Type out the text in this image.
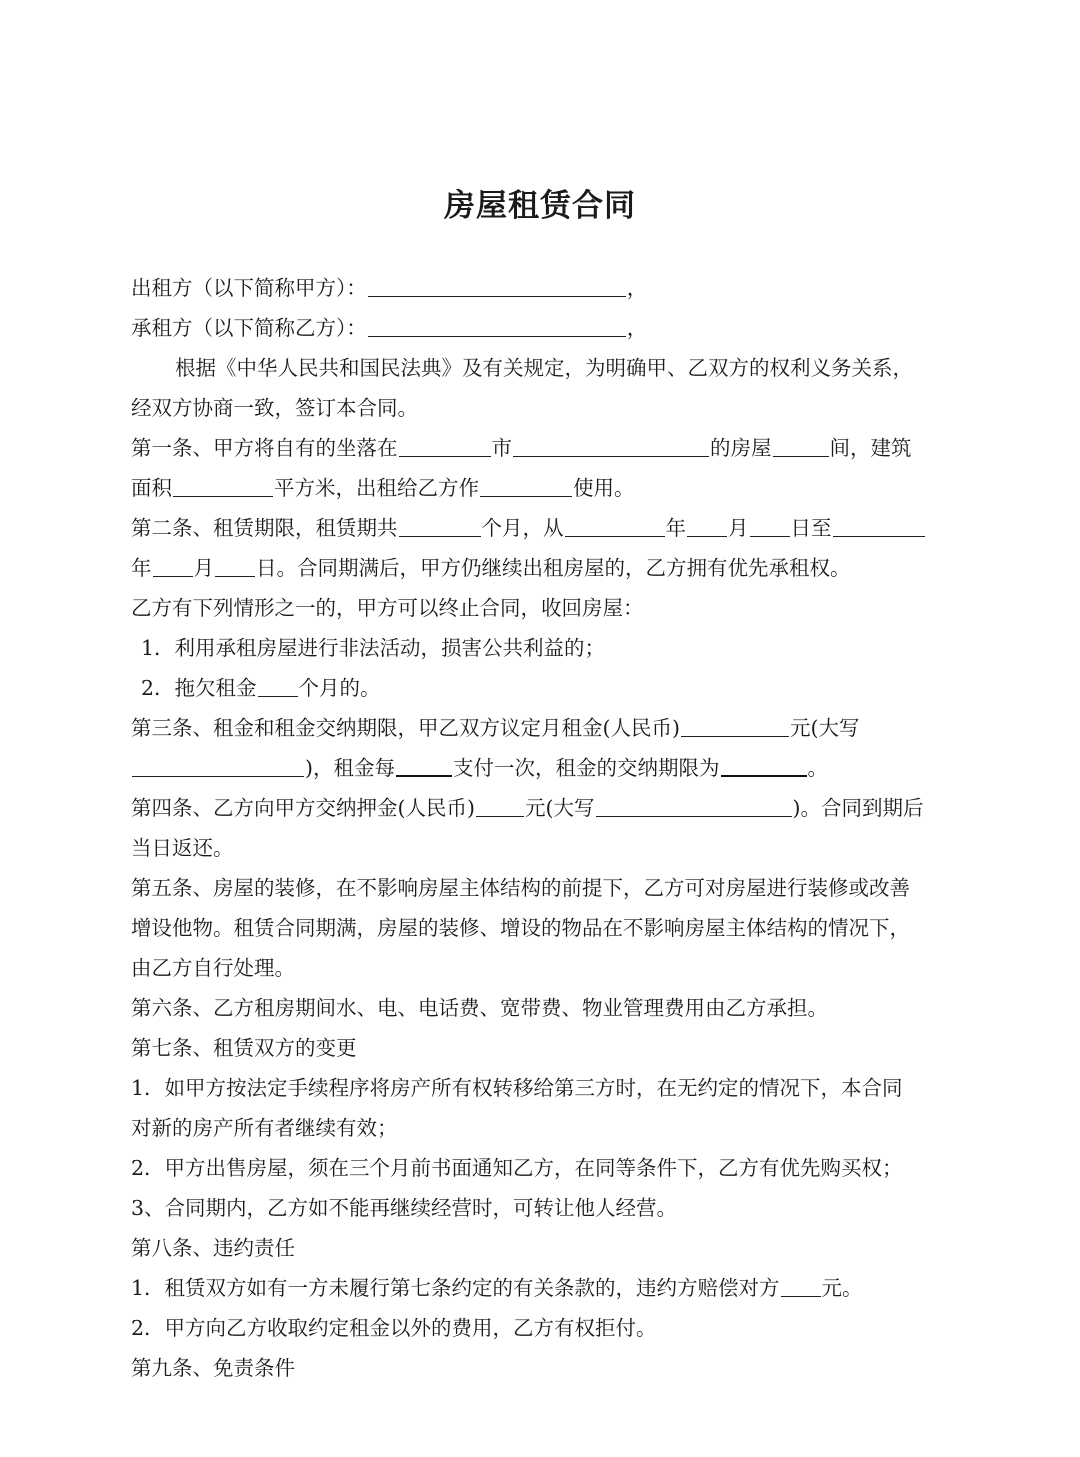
房屋租赁合同
出租方（以下简称甲方）：	，
承租方（以下简称乙方）：	，
根据《中华人民共和国民法典》及有关规定，为明确甲、乙双方的权利义务关系，
经双方协商一致，签订本合同。
第一条、甲方将自有的坐落在	市	的房屋	间，建筑
面积	平方米，出租给乙方作	使用。
第二条、租赁期限，租赁期共	个月，从	年 月 日至
年 月 日。合同期满后，甲方仍继续出租房屋的，乙方拥有优先承租权。
乙方有下列情形之一的，甲方可以终止合同，收回房屋：
1．利用承租房屋进行非法活动，损害公共利益的；
2．拖欠租金 个月的。
第三条、租金和租金交纳期限，甲乙双方议定月租金(人民币)	元(大写
)，租金每	支付一次，租金的交纳期限为	。
第四条、乙方向甲方交纳押金(人民币) 元(大写	)。合同到期后
当日返还。
第五条、房屋的装修，在不影响房屋主体结构的前提下，乙方可对房屋进行装修或改善
增设他物。租赁合同期满，房屋的装修、增设的物品在不影响房屋主体结构的情况下，
由乙方自行处理。
第六条、乙方租房期间水、电、电话费、宽带费、物业管理费用由乙方承担。
第七条、租赁双方的变更
1．如甲方按法定手续程序将房产所有权转移给第三方时，在无约定的情况下，本合同
对新的房产所有者继续有效；
2．甲方出售房屋，须在三个月前书面通知乙方，在同等条件下，乙方有优先购买权；
3、合同期内，乙方如不能再继续经营时，可转让他人经营。
第八条、违约责任
1．租赁双方如有一方未履行第七条约定的有关条款的，违约方赔偿对方 元。
2．甲方向乙方收取约定租金以外的费用，乙方有权拒付。
第九条、免责条件
